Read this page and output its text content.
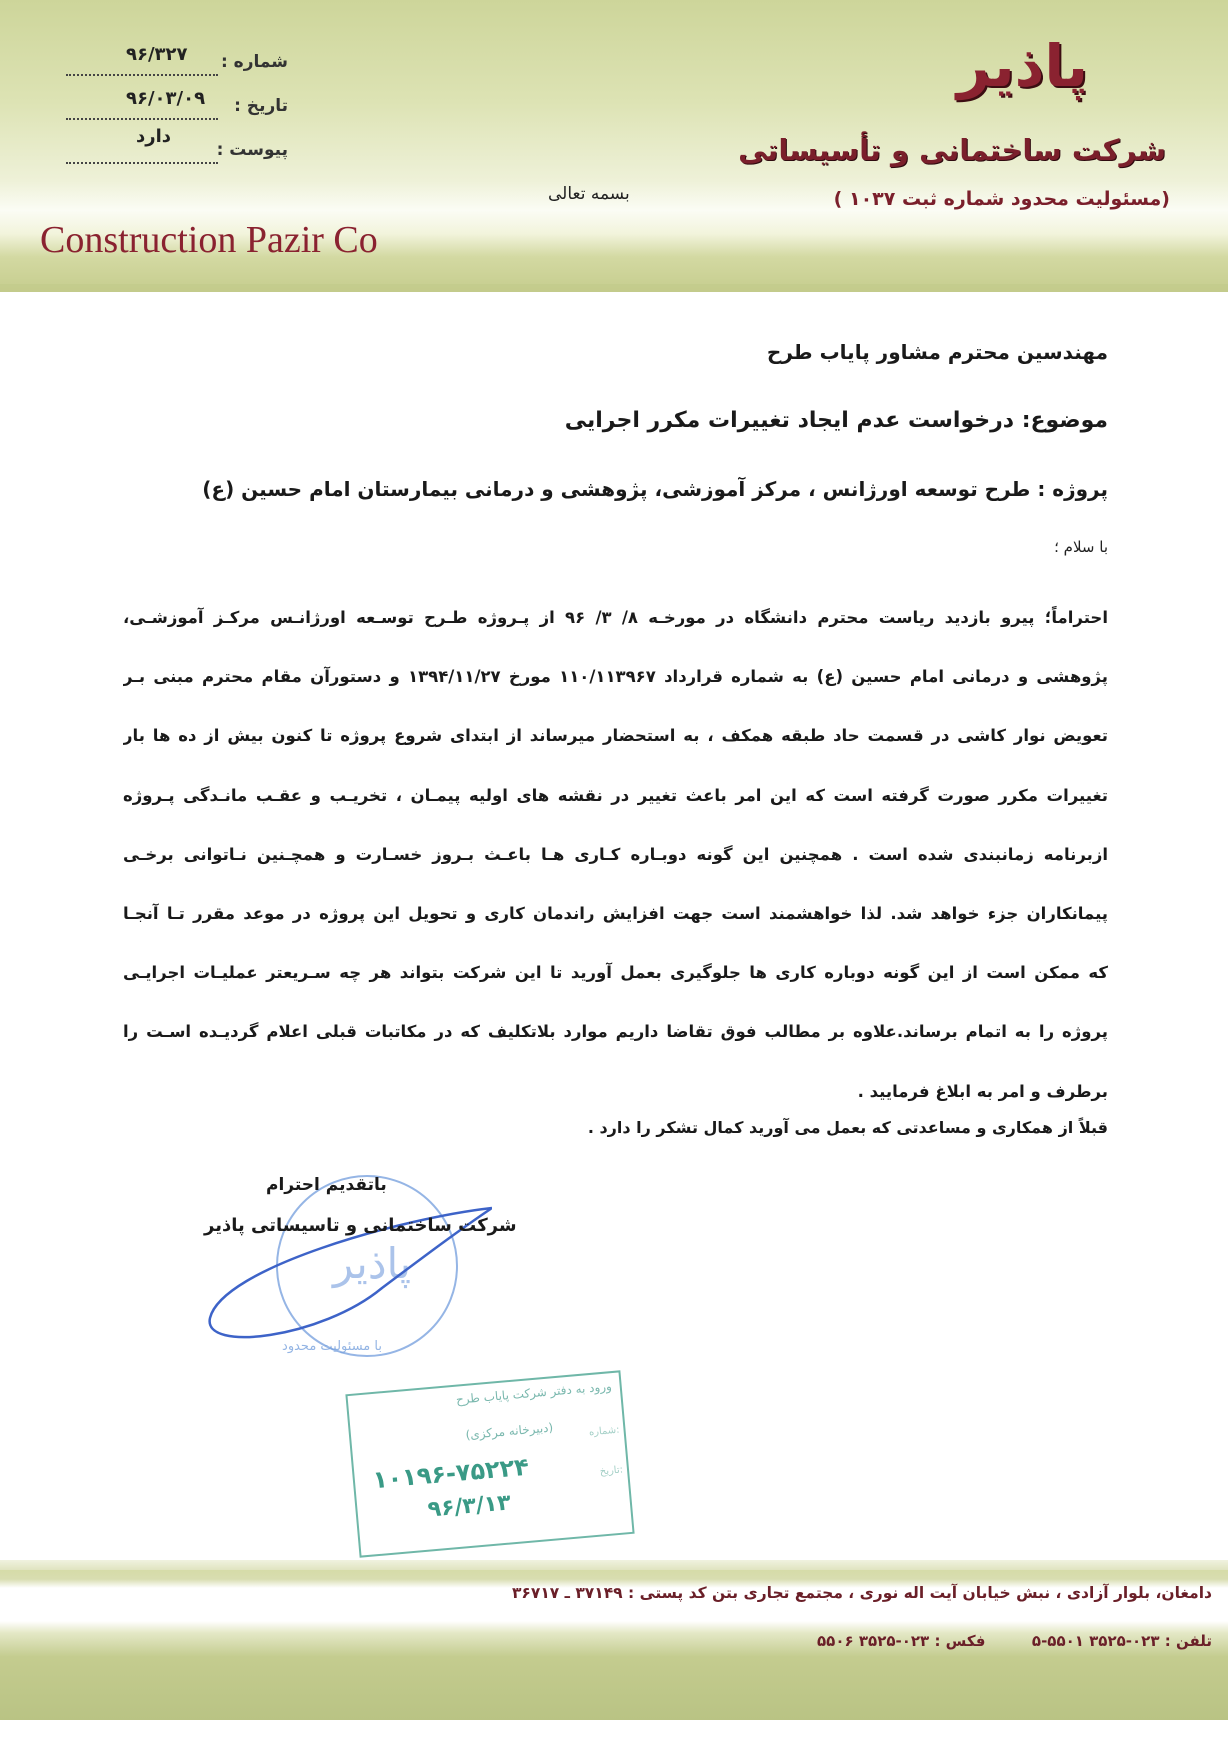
پاذیر
شرکت ساختمانی و تأسیساتی
(مسئولیت محدود شماره ثبت ۱۰۳۷ )
بسمه تعالی
Construction Pazir Co
شماره :
۹۶/۳۲۷
تاریخ :
۹۶/۰۳/۰۹
پیوست :
دارد
مهندسین محترم مشاور پایاب طرح
موضوع: درخواست عدم ایجاد تغییرات مکرر اجرایی
پروژه : طرح توسعه اورژانس ، مرکز آموزشی، پژوهشی و درمانی بیمارستان امام حسین (ع)
با سلام ؛

احتراماً؛ پیرو بازدید ریاست محترم دانشگاه در مورخـه ۸/ ۳/ ۹۶ از پـروژه طـرح توسـعه اورژانـس مرکـز آموزشـی،

پژوهشی و درمانی امام حسین (ع) به شماره قرارداد ۱۱۰/۱۱۳۹۶۷ مورخ ۱۳۹۴/۱۱/۲۷ و دستورآن مقام محترم مبنی بـر

تعویض نوار کاشی در قسمت حاد طبقه همکف ، به استحضار میرساند از ابتدای شروع پروژه تا کنون بیش از ده ها بار

تغییرات مکرر صورت گرفته است که این امر باعث تغییر در نقشه های اولیه پیمـان ، تخریـب و عقـب مانـدگی پـروژه

ازبرنامه زمانبندی شده است . همچنین این گونه دوبـاره کـاری هـا باعـث بـروز خسـارت و همچـنین نـاتوانی برخـی

پیمانکاران جزء خواهد شد. لذا خواهشمند است جهت افزایش راندمان کاری و تحویل این پروژه در موعد مقرر تـا آنجـا

که ممکن است از این گونه دوباره کاری ها جلوگیری بعمل آورید تا این شرکت بتواند هر چه سـریعتر عملیـات اجرایـی

پروژه را به اتمام برساند.علاوه بر مطالب فوق تقاضا داریم موارد بلاتکلیف که در مکاتبات قبلی اعلام گردیـده اسـت را

برطرف و امر به ابلاغ فرمایید .

قبلاً از همکاری و مساعدتی که بعمل می آورید کمال تشکر را دارد .
پاذیر
با مسئولیت محدود
باتقدیم احترام
شرکت ساختمانی و تاسیساتی پاذیر
ورود به دفتر شرکت پایاب طرح
(دبیرخانه مرکزی)	شماره:
تاریخ:
۱۰۱۹۶-۷۵۲۲۴
۹۶/۳/۱۳
دامغان، بلوار آزادی ، نبش خیابان آیت اله نوری ، مجتمع تجاری بتن کد پستی : ۳۷۱۴۹ ـ ۳۶۷۱۷
تلفن : ۰۲۳-۳۵۲۵ ۵۵۰۱-۵  فکس : ۰۲۳-۳۵۲۵ ۵۵۰۶
